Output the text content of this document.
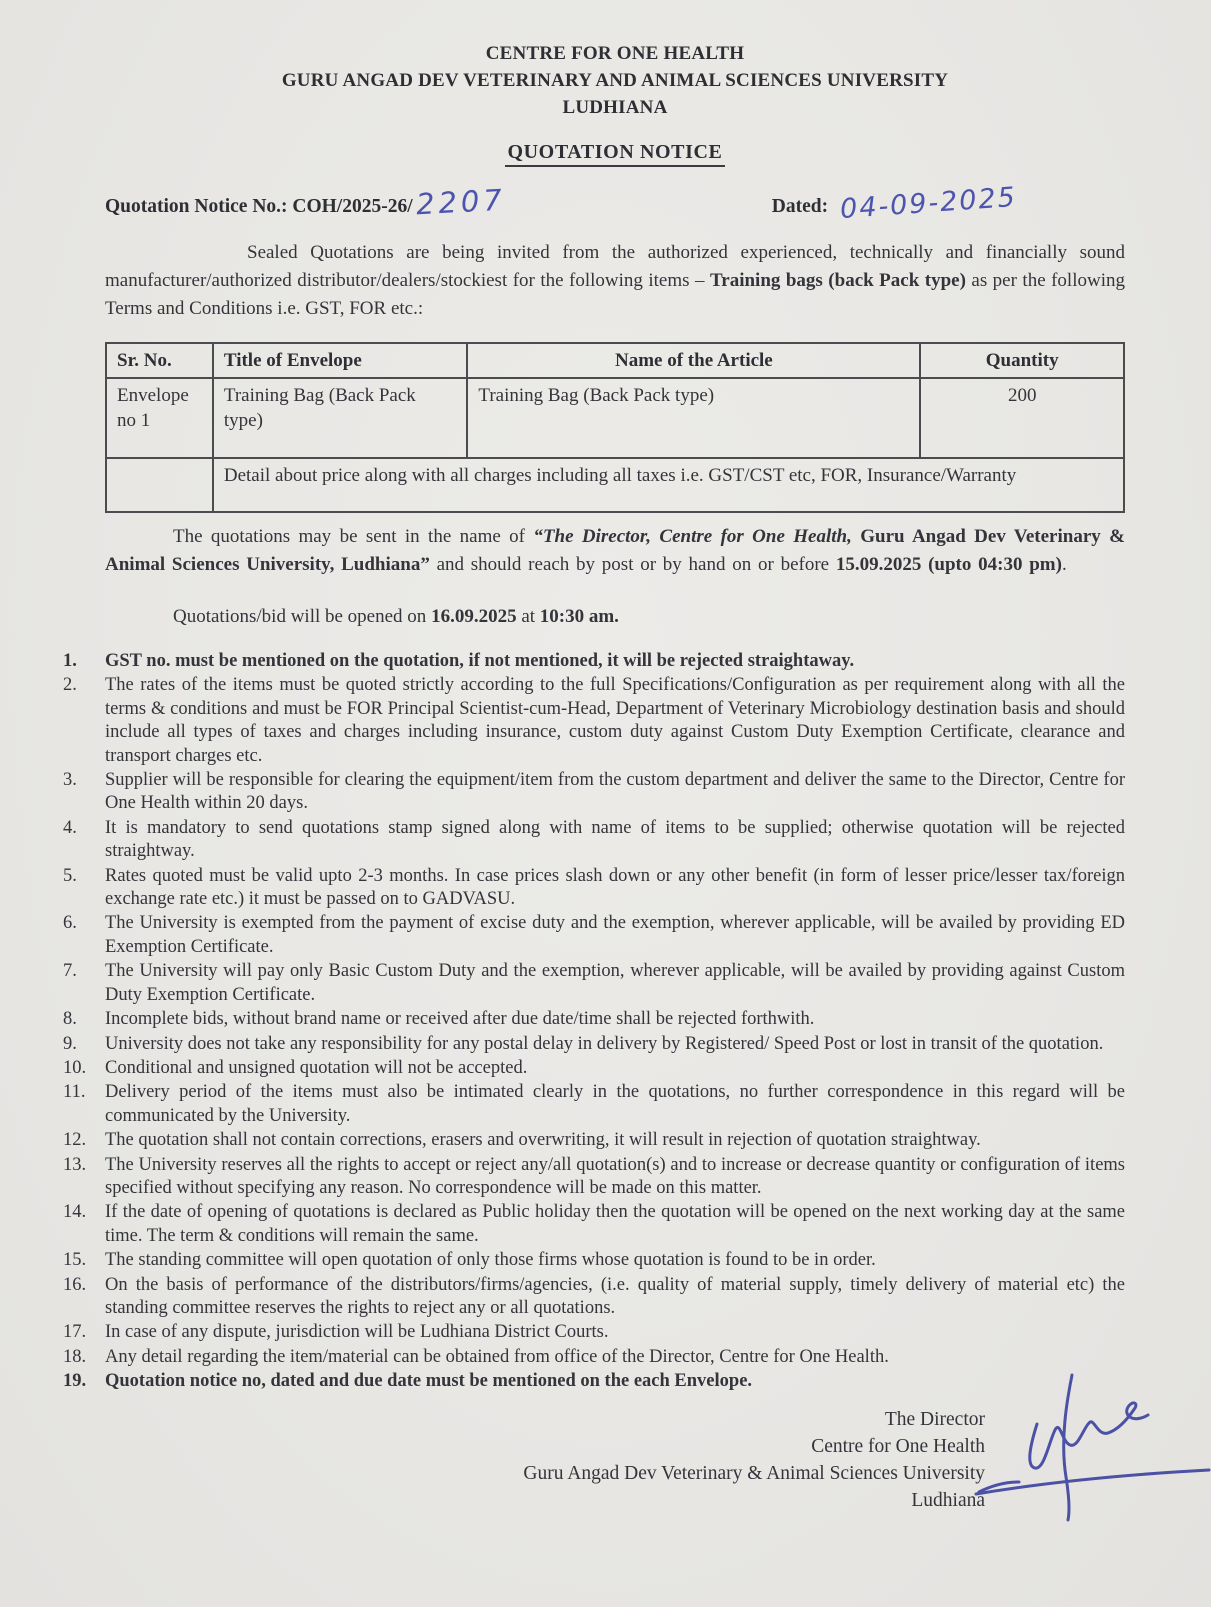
CENTRE FOR ONE HEALTH
GURU ANGAD DEV VETERINARY AND ANIMAL SCIENCES UNIVERSITY
LUDHIANA
QUOTATION NOTICE
Quotation Notice No.: COH/2025-26/2207	Dated: 04-09-2025

Sealed Quotations are being invited from the authorized experienced, technically and financially sound manufacturer/authorized distributor/dealers/stockiest for the following items – Training bags (back Pack type) as per the following Terms and Conditions i.e. GST, FOR etc.:

Sr. No.	Title of Envelope	Name of the Article	Quantity
Envelope no 1	Training Bag (Back Pack type)	Training Bag (Back Pack type)	200
	Detail about price along with all charges including all taxes i.e. GST/CST etc, FOR, Insurance/Warranty		

The quotations may be sent in the name of “The Director, Centre for One Health, Guru Angad Dev Veterinary & Animal Sciences University, Ludhiana” and should reach by post or by hand on or before 15.09.2025 (upto 04:30 pm).

Quotations/bid will be opened on 16.09.2025 at 10:30 am.

GST no. must be mentioned on the quotation, if not mentioned, it will be rejected straightaway.
The rates of the items must be quoted strictly according to the full Specifications/Configuration as per requirement along with all the terms & conditions and must be FOR Principal Scientist-cum-Head, Department of Veterinary Microbiology destination basis and should include all types of taxes and charges including insurance, custom duty against Custom Duty Exemption Certificate, clearance and transport charges etc.
Supplier will be responsible for clearing the equipment/item from the custom department and deliver the same to the Director, Centre for One Health within 20 days.
It is mandatory to send quotations stamp signed along with name of items to be supplied; otherwise quotation will be rejected straightway.
Rates quoted must be valid upto 2-3 months. In case prices slash down or any other benefit (in form of lesser price/lesser tax/foreign exchange rate etc.) it must be passed on to GADVASU.
The University is exempted from the payment of excise duty and the exemption, wherever applicable, will be availed by providing ED Exemption Certificate.
The University will pay only Basic Custom Duty and the exemption, wherever applicable, will be availed by providing against Custom Duty Exemption Certificate.
Incomplete bids, without brand name or received after due date/time shall be rejected forthwith.
University does not take any responsibility for any postal delay in delivery by Registered/ Speed Post or lost in transit of the quotation.
Conditional and unsigned quotation will not be accepted.
Delivery period of the items must also be intimated clearly in the quotations, no further correspondence in this regard will be communicated by the University.
The quotation shall not contain corrections, erasers and overwriting, it will result in rejection of quotation straightway.
The University reserves all the rights to accept or reject any/all quotation(s) and to increase or decrease quantity or configuration of items specified without specifying any reason. No correspondence will be made on this matter.
If the date of opening of quotations is declared as Public holiday then the quotation will be opened on the next working day at the same time. The term & conditions will remain the same.
The standing committee will open quotation of only those firms whose quotation is found to be in order.
On the basis of performance of the distributors/firms/agencies, (i.e. quality of material supply, timely delivery of material etc) the standing committee reserves the rights to reject any or all quotations.
In case of any dispute, jurisdiction will be Ludhiana District Courts.
Any detail regarding the item/material can be obtained from office of the Director, Centre for One Health.
Quotation notice no, dated and due date must be mentioned on the each Envelope.
The Director
Centre for One Health
Guru Angad Dev Veterinary & Animal Sciences University
Ludhiana
